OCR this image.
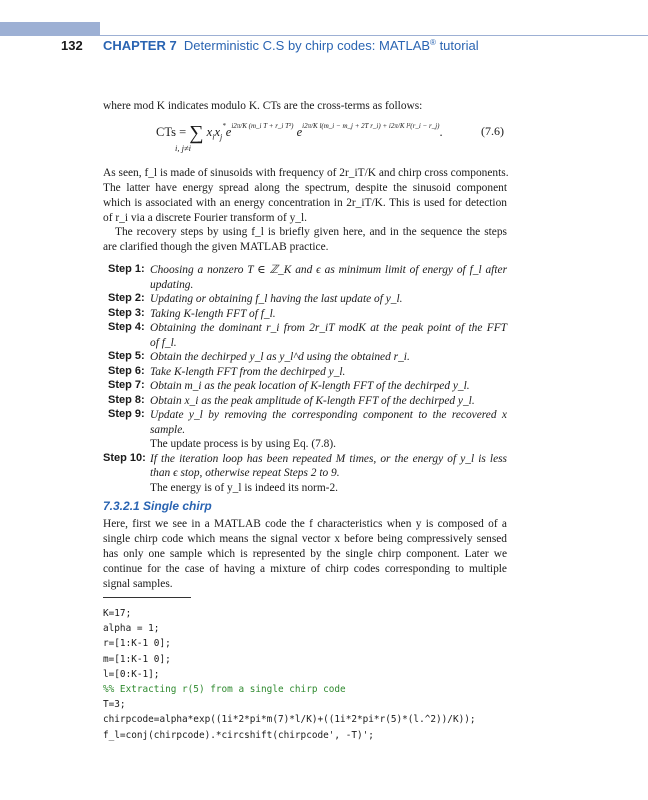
132 CHAPTER 7 Deterministic C.S by chirp codes: MATLAB® tutorial
where mod K indicates modulo K. CTs are the cross-terms as follows:
CTs = ∑ $x_ix_j^*e^{i2\pi/K (m\_i T + r\_i T^2)}$ $e^{i2\pi/K l(m\_i - m\_j + 2T r\_i) + i2\pi/K l^2(r\_i - r\_j)}$.
i, j≠i
(7.6)
As seen, f_l is made of sinusoids with frequency of 2r_iT/K and chirp cross components.
The latter have energy spread along the spectrum, despite the sinusoid component
which is associated with an energy concentration in 2r_iT/K. This is used for detection
of r_i via a discrete Fourier transform of y_l.
The recovery steps by using f_l is briefly given here, and in the sequence the steps
are clarified though the given MATLAB practice.
Step 1: Choosing a nonzero T ∈ ℤ_K and ϵ as minimum limit of energy of f_l after
updating.
Step 2: Updating or obtaining f_l having the last update of y_l.
Step 3: Taking K-length FFT of f_l.
Step 4: Obtaining the dominant r_i from 2r_iT modK at the peak point of the FFT
of f_l.
Step 5: Obtain the dechirped y_l as y_l^d using the obtained r_i.
Step 6: Take K-length FFT from the dechirped y_l.
Step 7: Obtain m_i as the peak location of K-length FFT of the dechirped y_l.
Step 8: Obtain x_i as the peak amplitude of K-length FFT of the dechirped y_l.
Step 9: Update y_l by removing the corresponding component to the recovered x
sample.
The update process is by using Eq. (7.8).
Step 10: If the iteration loop has been repeated M times, or the energy of y_l is less
than ϵ stop, otherwise repeat Steps 2 to 9.
The energy is of y_l is indeed its norm-2.
7.3.2.1 Single chirp
Here, first we see in a MATLAB code the f characteristics when y is composed of a
single chirp code which means the signal vector x before being compressively sensed
has only one sample which is represented by the single chirp component. Later we
continue for the case of having a mixture of chirp codes corresponding to multiple
signal samples.
K=17;
alpha = 1;
r=[1:K-1 0];
m=[1:K-1 0];
l=[0:K-1];
%% Extracting r(5) from a single chirp code
T=3;
chirpcode=alpha*exp((1i*2*pi*m(7)*l/K)+((1i*2*pi*r(5)*(l.^2))/K));
f_l=conj(chirpcode).*circshift(chirpcode', -T)';
